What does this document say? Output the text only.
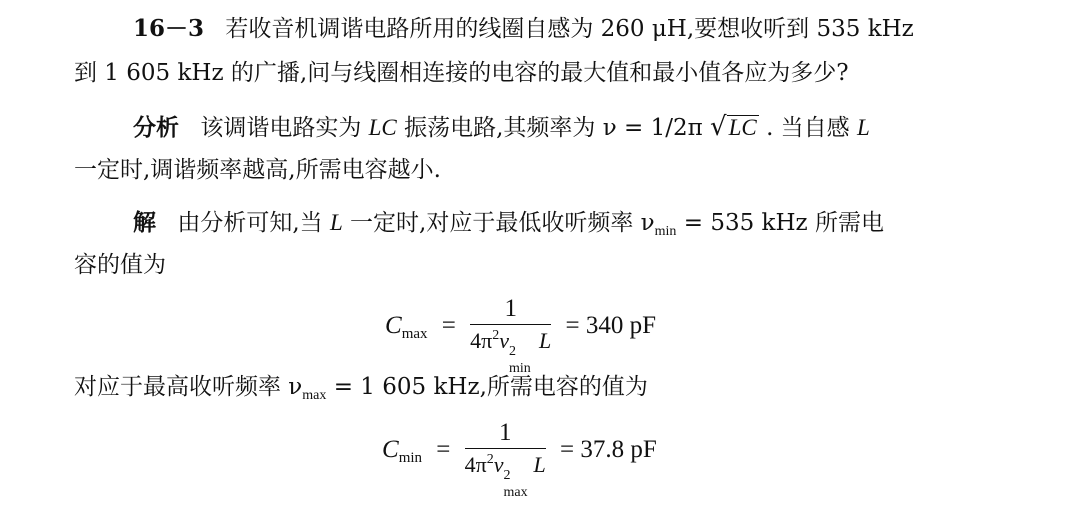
16－3 若收音机调谐电路所用的线圈自感为 260 μH,要想收听到 535 kHz
到 1 605 kHz 的广播,问与线圈相连接的电容的最大值和最小值各应为多少?
分析 该调谐电路实为 LC 振荡电路,其频率为 ν = 1/2π √LC . 当自感 L
一定时,调谐频率越高,所需电容越小.
解 由分析可知,当 L 一定时,对应于最低收听频率 $\nu_{min} = 535$ kHz 所需电
容的值为
$C_{max} = 1$
$4\pi^2\nu$ 2
min
L = 340 pF
对应于最高收听频率 $\nu_{max} = 1$ 605 kHz,所需电容的值为
$C_{min} = 1$
$4\pi^2\nu$ 2
max
L = 37.8 pF
